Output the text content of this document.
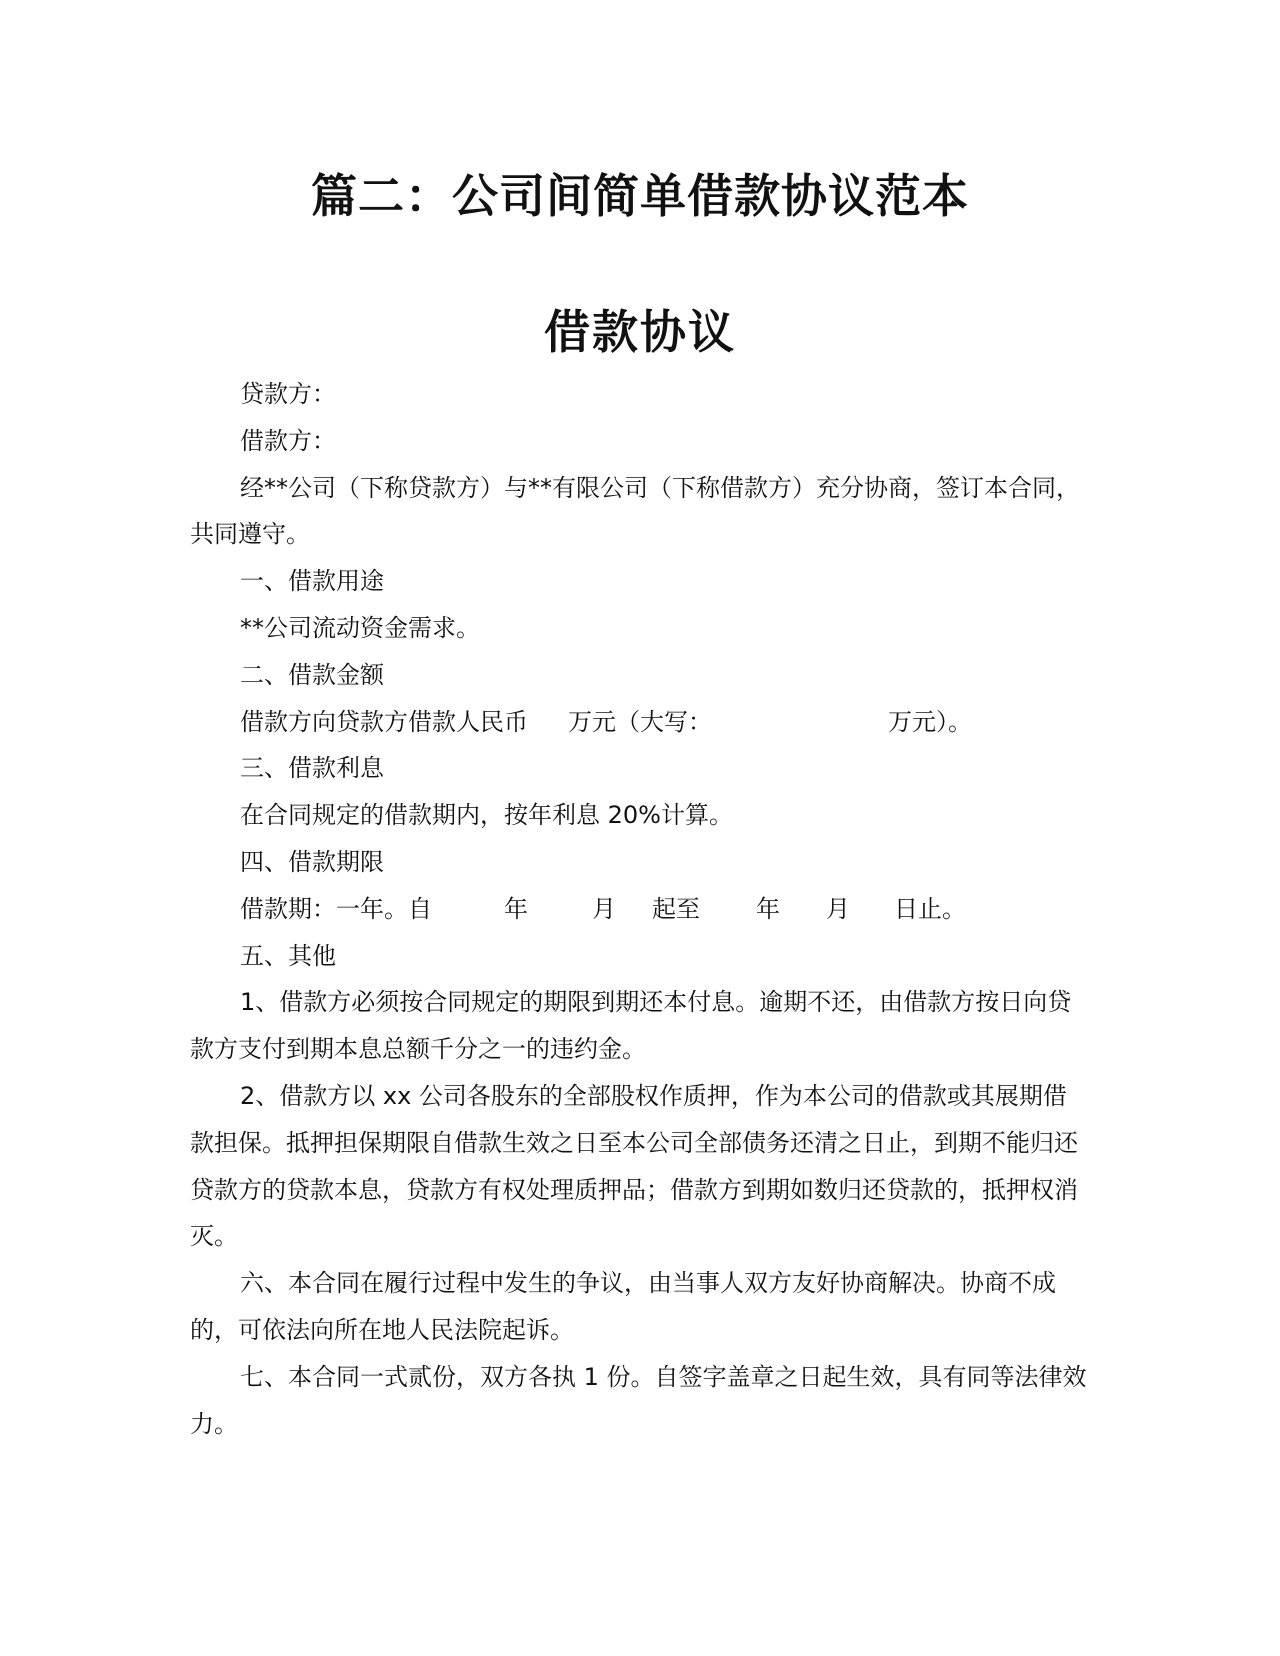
篇二：公司间简单借款协议范本
借款协议

贷款方：

借款方：

经**公司（下称贷款方）与**有限公司（下称借款方）充分协商，签订本合同，共同遵守。

一、借款用途

**公司流动资金需求。

二、借款金额

借款方向贷款方借款人民币 万元（大写：	万元）。

三、借款利息

在合同规定的借款期内，按年利息 20%计算。

四、借款期限

借款期：一年。自	年	月 起至 年 月 日止。

五、其他

1、借款方必须按合同规定的期限到期还本付息。逾期不还，由借款方按日向贷款方支付到期本息总额千分之一的违约金。

2、借款方以 xx 公司各股东的全部股权作质押，作为本公司的借款或其展期借款担保。抵押担保期限自借款生效之日至本公司全部债务还清之日止，到期不能归还贷款方的贷款本息，贷款方有权处理质押品；借款方到期如数归还贷款的，抵押权消灭。

六、本合同在履行过程中发生的争议，由当事人双方友好协商解决。协商不成的，可依法向所在地人民法院起诉。

七、本合同一式贰份，双方各执 1 份。自签字盖章之日起生效，具有同等法律效力。
